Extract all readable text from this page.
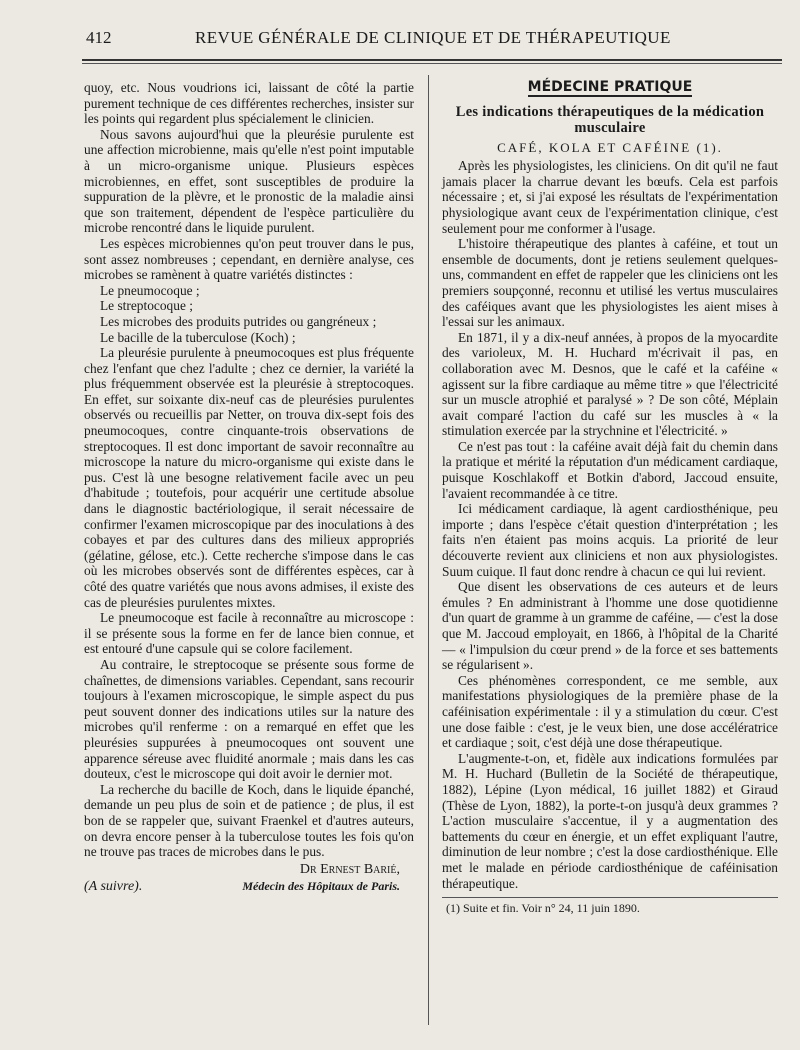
412	REVUE GÉNÉRALE DE CLINIQUE ET DE THÉRAPEUTIQUE

quoy, etc. Nous voudrions ici, laissant de côté la partie purement technique de ces différentes recherches, insister sur les points qui regardent plus spécialement le clinicien.

Nous savons aujourd'hui que la pleurésie purulente est une affection microbienne, mais qu'elle n'est point imputable à un micro-organisme unique. Plusieurs espèces microbiennes, en effet, sont susceptibles de produire la suppuration de la plèvre, et le pronostic de la maladie ainsi que son traitement, dépendent de l'espèce particulière du microbe rencontré dans le liquide purulent.

Les espèces microbiennes qu'on peut trouver dans le pus, sont assez nombreuses ; cependant, en dernière analyse, ces microbes se ramènent à quatre variétés distinctes :

Le pneumocoque ;

Le streptocoque ;

Les microbes des produits putrides ou gangréneux ;

Le bacille de la tuberculose (Koch) ;

La pleurésie purulente à pneumocoques est plus fréquente chez l'enfant que chez l'adulte ; chez ce dernier, la variété la plus fréquemment observée est la pleurésie à streptocoques. En effet, sur soixante dix-neuf cas de pleurésies purulentes observés ou recueillis par Netter, on trouva dix-sept fois des pneumocoques, contre cinquante-trois observations de streptocoques. Il est donc important de savoir reconnaître au microscope la nature du micro-organisme qui existe dans le pus. C'est là une besogne relativement facile avec un peu d'habitude ; toutefois, pour acquérir une certitude absolue dans le diagnostic bactériologique, il serait nécessaire de confirmer l'examen microscopique par des inoculations à des cobayes et par des cultures dans des milieux appropriés (gélatine, gélose, etc.). Cette recherche s'impose dans le cas où les microbes observés sont de différentes espèces, car à côté des quatre variétés que nous avons admises, il existe des cas de pleurésies purulentes mixtes.

Le pneumocoque est facile à reconnaître au microscope : il se présente sous la forme en fer de lance bien connue, et est entouré d'une capsule qui se colore facilement.

Au contraire, le streptocoque se présente sous forme de chaînettes, de dimensions variables. Cependant, sans recourir toujours à l'examen microscopique, le simple aspect du pus peut souvent donner des indications utiles sur la nature des microbes qu'il renferme : on a remarqué en effet que les pleurésies suppurées à pneumocoques ont souvent une apparence séreuse avec fluidité anormale ; mais dans les cas douteux, c'est le microscope qui doit avoir le dernier mot.

La recherche du bacille de Koch, dans le liquide épanché, demande un peu plus de soin et de patience ; de plus, il est bon de se rappeler que, suivant Fraenkel et d'autres auteurs, on devra encore penser à la tuberculose toutes les fois qu'on ne trouve pas traces de microbes dans le pus.

Dr Ernest Barié,
(A suivre).	Médecin des Hôpitaux de Paris.
MÉDECINE PRATIQUE
Les indications thérapeutiques de la médication musculaire
CAFÉ, KOLA ET CAFÉINE (1).

Après les physiologistes, les cliniciens. On dit qu'il ne faut jamais placer la charrue devant les bœufs. Cela est parfois nécessaire ; et, si j'ai exposé les résultats de l'expérimentation physiologique avant ceux de l'expérimentation clinique, c'est seulement pour me conformer à l'usage.

L'histoire thérapeutique des plantes à caféine, et tout un ensemble de documents, dont je retiens seulement quelques-uns, commandent en effet de rappeler que les cliniciens ont les premiers soupçonné, reconnu et utilisé les vertus musculaires des caféiques avant que les physiologistes les aient mises à l'essai sur les animaux.

En 1871, il y a dix-neuf années, à propos de la myocardite des varioleux, M. H. Huchard m'écrivait il pas, en collaboration avec M. Desnos, que le café et la caféine « agissent sur la fibre cardiaque au même titre » que l'électricité sur un muscle atrophié et paralysé » ? De son côté, Méplain avait comparé l'action du café sur les muscles à « la stimulation exercée par la strychnine et l'électricité. »

Ce n'est pas tout : la caféine avait déjà fait du chemin dans la pratique et mérité la réputation d'un médicament cardiaque, puisque Koschlakoff et Botkin d'abord, Jaccoud ensuite, l'avaient recommandée à ce titre.

Ici médicament cardiaque, là agent cardiosthénique, peu importe ; dans l'espèce c'était question d'interprétation ; les faits n'en étaient pas moins acquis. La priorité de leur découverte revient aux cliniciens et non aux physiologistes. Suum cuique. Il faut donc rendre à chacun ce qui lui revient.

Que disent les observations de ces auteurs et de leurs émules ? En administrant à l'homme une dose quotidienne d'un quart de gramme à un gramme de caféine, — c'est la dose que M. Jaccoud employait, en 1866, à l'hôpital de la Charité — « l'impulsion du cœur prend » de la force et ses battements se régularisent ».

Ces phénomènes correspondent, ce me semble, aux manifestations physiologiques de la première phase de la caféinisation expérimentale : il y a stimulation du cœur. C'est une dose faible : c'est, je le veux bien, une dose accélératrice et cardiaque ; soit, c'est déjà une dose thérapeutique.

L'augmente-t-on, et, fidèle aux indications formulées par M. H. Huchard (Bulletin de la Société de thérapeutique, 1882), Lépine (Lyon médical, 16 juillet 1882) et Giraud (Thèse de Lyon, 1882), la porte-t-on jusqu'à deux grammes ? L'action musculaire s'accentue, il y a augmentation des battements du cœur en énergie, et un effet expliquant l'autre, diminution de leur nombre ; c'est la dose cardiosthénique. Elle met le malade en période cardiosthénique de caféinisation thérapeutique.

(1) Suite et fin. Voir n° 24, 11 juin 1890.
